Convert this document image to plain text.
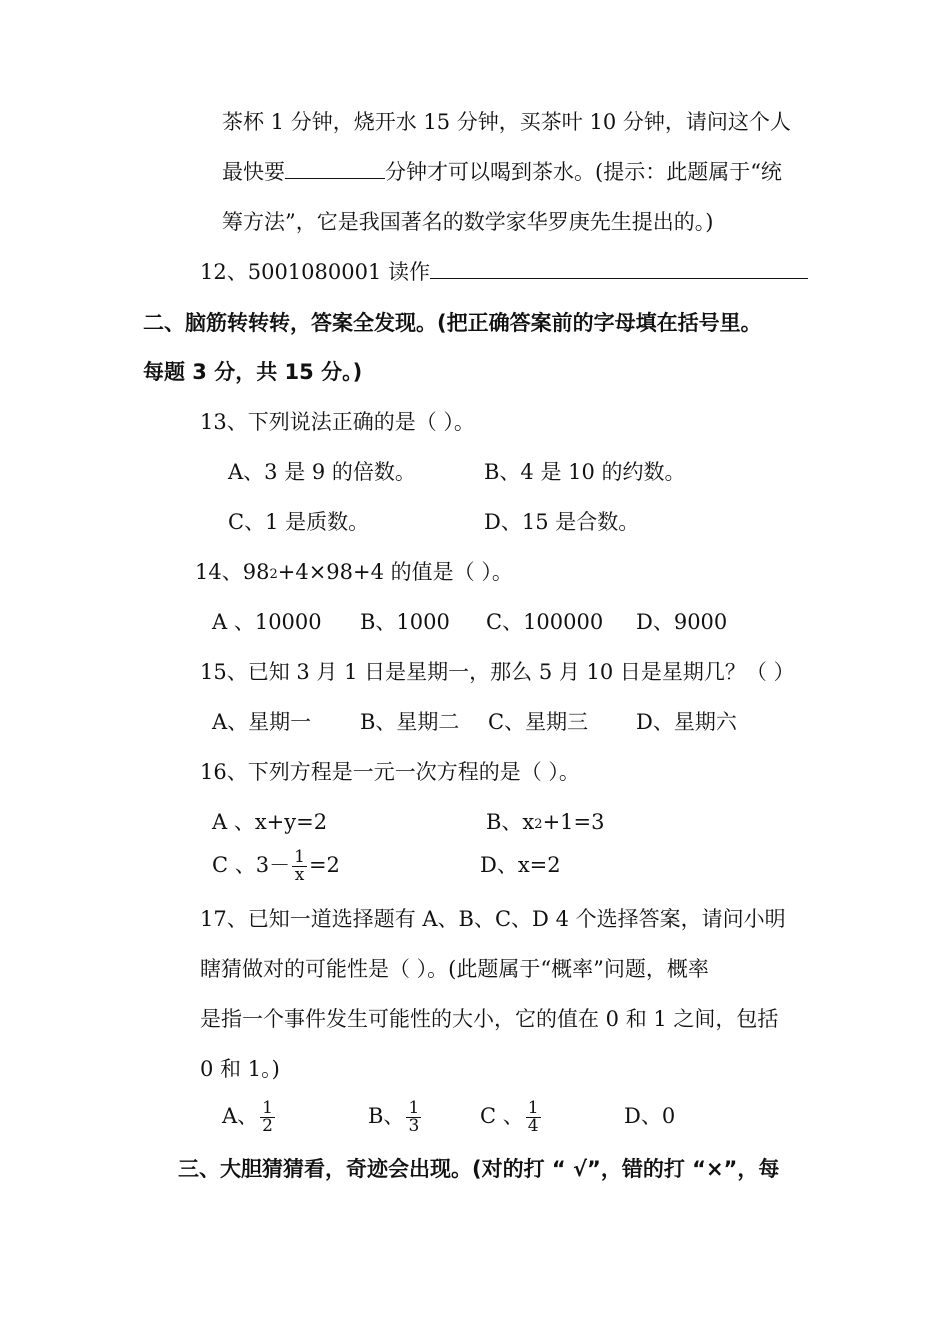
茶杯 1 分钟，烧开水 15 分钟，买茶叶 10 分钟，请问这个人
最快要	分钟才可以喝到茶水。(提示：此题属于“统
筹方法”，它是我国著名的数学家华罗庚先生提出的。)
12、5001080001 读作
二、脑筋转转转，答案全发现。(把正确答案前的字母填在括号里。
每题 3 分，共 15 分。)
13、下列说法正确的是（ ）。
A、3 是 9 的倍数。	B、4 是 10 的约数。
C、1 是质数。	D、15 是合数。
14、982+4×98+4 的值是（ ）。
A 、10000 B、1000 C、100000 D、9000
15、已知 3 月 1 日是星期一，那么 5 月 10 日是星期几？（ ）
A、星期一 B、星期二 C、星期三 D、星期六
16、下列方程是一元一次方程的是（ ）。
A 、x+y=2	B、x2+1=3
C 、$3- \frac{1}{x} =2$	D、x=2
17、已知一道选择题有 A、B、C、D 4 个选择答案，请问小明
瞎猜做对的可能性是（ ）。(此题属于“概率”问题，概率
是指一个事件发生可能性的大小，它的值在 0 和 1 之间，包括
0 和 1。)
A、 $\frac{1}{2}$	B、 $\frac{1}{3}$	C 、 $\frac{1}{4}$	D、0
三、大胆猜猜看，奇迹会出现。(对的打 “ √”，错的打 “×”，每
